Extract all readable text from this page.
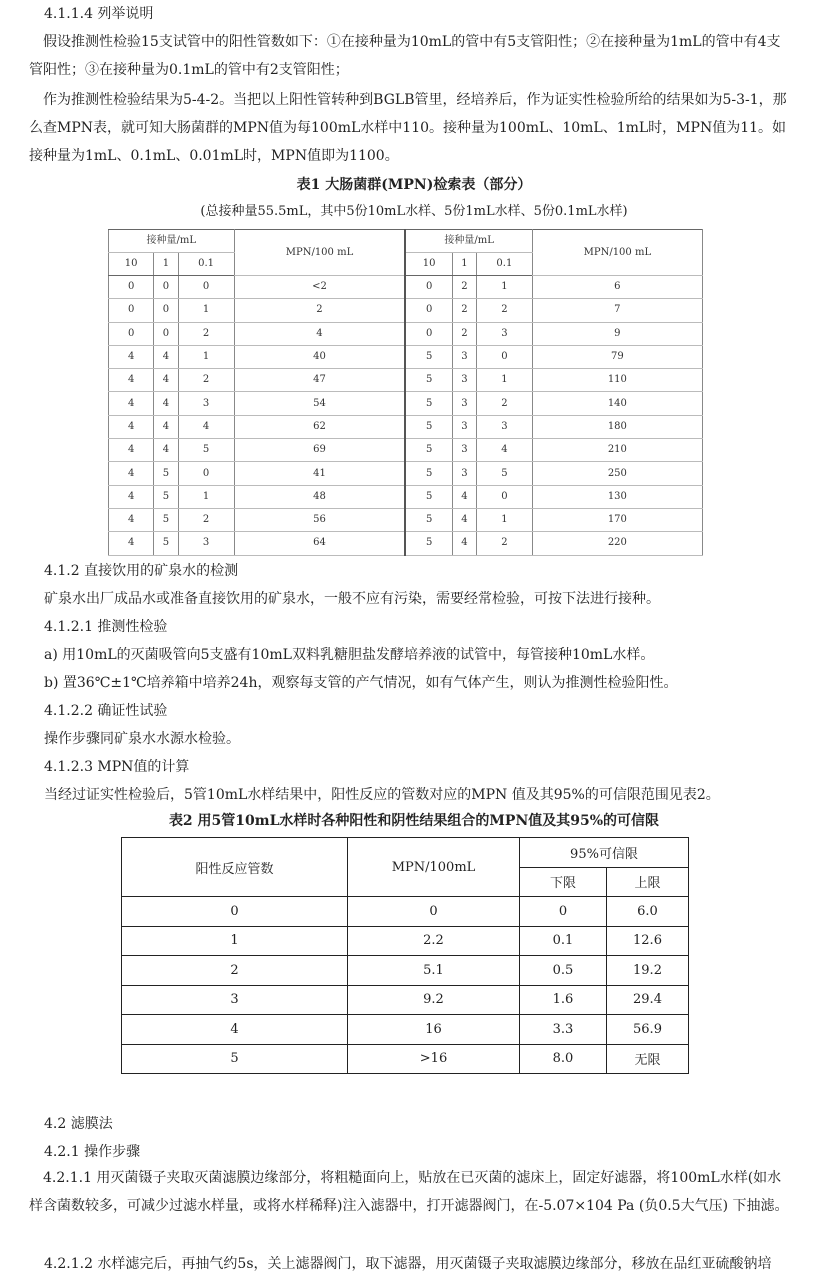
4.1.1.4 列举说明
假设推测性检验15支试管中的阳性管数如下：①在接种量为10mL的管中有5支管阳性；②在接种量为1mL的管中有4支管阳性；③在接种量为0.1mL的管中有2支管阳性；
作为推测性检验结果为5-4-2。当把以上阳性管转种到BGLB管里，经培养后，作为证实性检验所给的结果如为5-3-1，那么查MPN表，就可知大肠菌群的MPN值为每100mL水样中110。接种量为100mL、10mL、1mL时，MPN值为11。如接种量为1mL、0.1mL、0.01mL时，MPN值即为1100。
表1 大肠菌群(MPN)检索表（部分）
(总接种量55.5mL，其中5份10mL水样、5份1mL水样、5份0.1mL水样)
接种量/mL			MPN/100 mL	接种量/mL			MPN/100 mL
10	1	0.1		10	1	0.1	
0	0	0	<2	0	2	1	6
0	0	1	2	0	2	2	7
0	0	2	4	0	2	3	9
4	4	1	40	5	3	0	79
4	4	2	47	5	3	1	110
4	4	3	54	5	3	2	140
4	4	4	62	5	3	3	180
4	4	5	69	5	3	4	210
4	5	0	41	5	3	5	250
4	5	1	48	5	4	0	130
4	5	2	56	5	4	1	170
4	5	3	64	5	4	2	220
4.1.2 直接饮用的矿泉水的检测
矿泉水出厂成品水或准备直接饮用的矿泉水，一般不应有污染，需要经常检验，可按下法进行接种。
4.1.2.1 推测性检验
a) 用10mL的灭菌吸管向5支盛有10mL双料乳糖胆盐发酵培养液的试管中，每管接种10mL水样。
b) 置36℃±1℃培养箱中培养24h，观察每支管的产气情况，如有气体产生，则认为推测性检验阳性。
4.1.2.2 确证性试验
操作步骤同矿泉水水源水检验。
4.1.2.3 MPN值的计算
当经过证实性检验后，5管10mL水样结果中，阳性反应的管数对应的MPN 值及其95%的可信限范围见表2。
表2 用5管10mL水样时各种阳性和阴性结果组合的MPN值及其95%的可信限
阳性反应管数	MPN/100mL	95%可信限	
		下限	上限
0	0	0	6.0
1	2.2	0.1	12.6
2	5.1	0.5	19.2
3	9.2	1.6	29.4
4	16	3.3	56.9
5	>16	8.0	无限
4.2 滤膜法
4.2.1 操作步骤
4.2.1.1 用灭菌镊子夹取灭菌滤膜边缘部分，将粗糙面向上，贴放在已灭菌的滤床上，固定好滤器，将100mL水样(如水样含菌数较多，可减少过滤水样量，或将水样稀释)注入滤器中，打开滤器阀门，在-5.07×104 Pa (负0.5大气压) 下抽滤。
4.2.1.2 水样滤完后，再抽气约5s，关上滤器阀门，取下滤器，用灭菌镊子夹取滤膜边缘部分，移放在品红亚硫酸钠培
